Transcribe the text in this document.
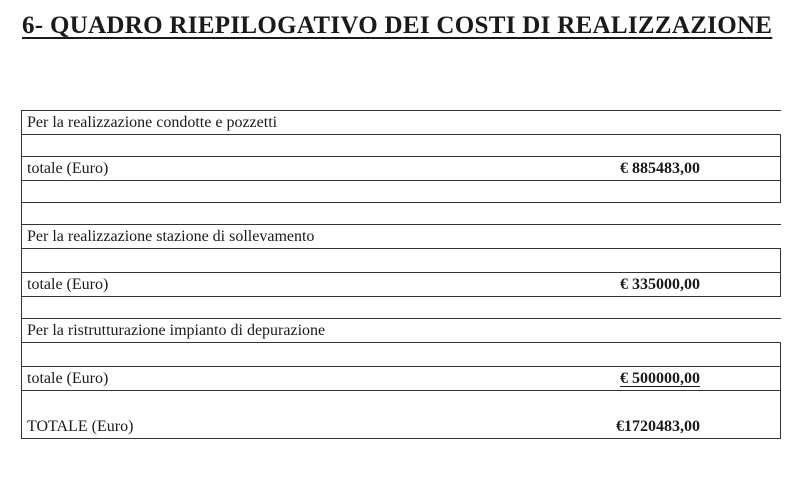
6- QUADRO RIEPILOGATIVO DEI COSTI DI REALIZZAZIONE
Per la realizzazione condotte e pozzetti	

totale (Euro)	€ 885483,00

Per la realizzazione stazione di sollevamento	

totale (Euro)	€ 335000,00

Per la ristrutturazione impianto di depurazione	

totale (Euro)	€ 500000,00
TOTALE (Euro)	€1720483,00
